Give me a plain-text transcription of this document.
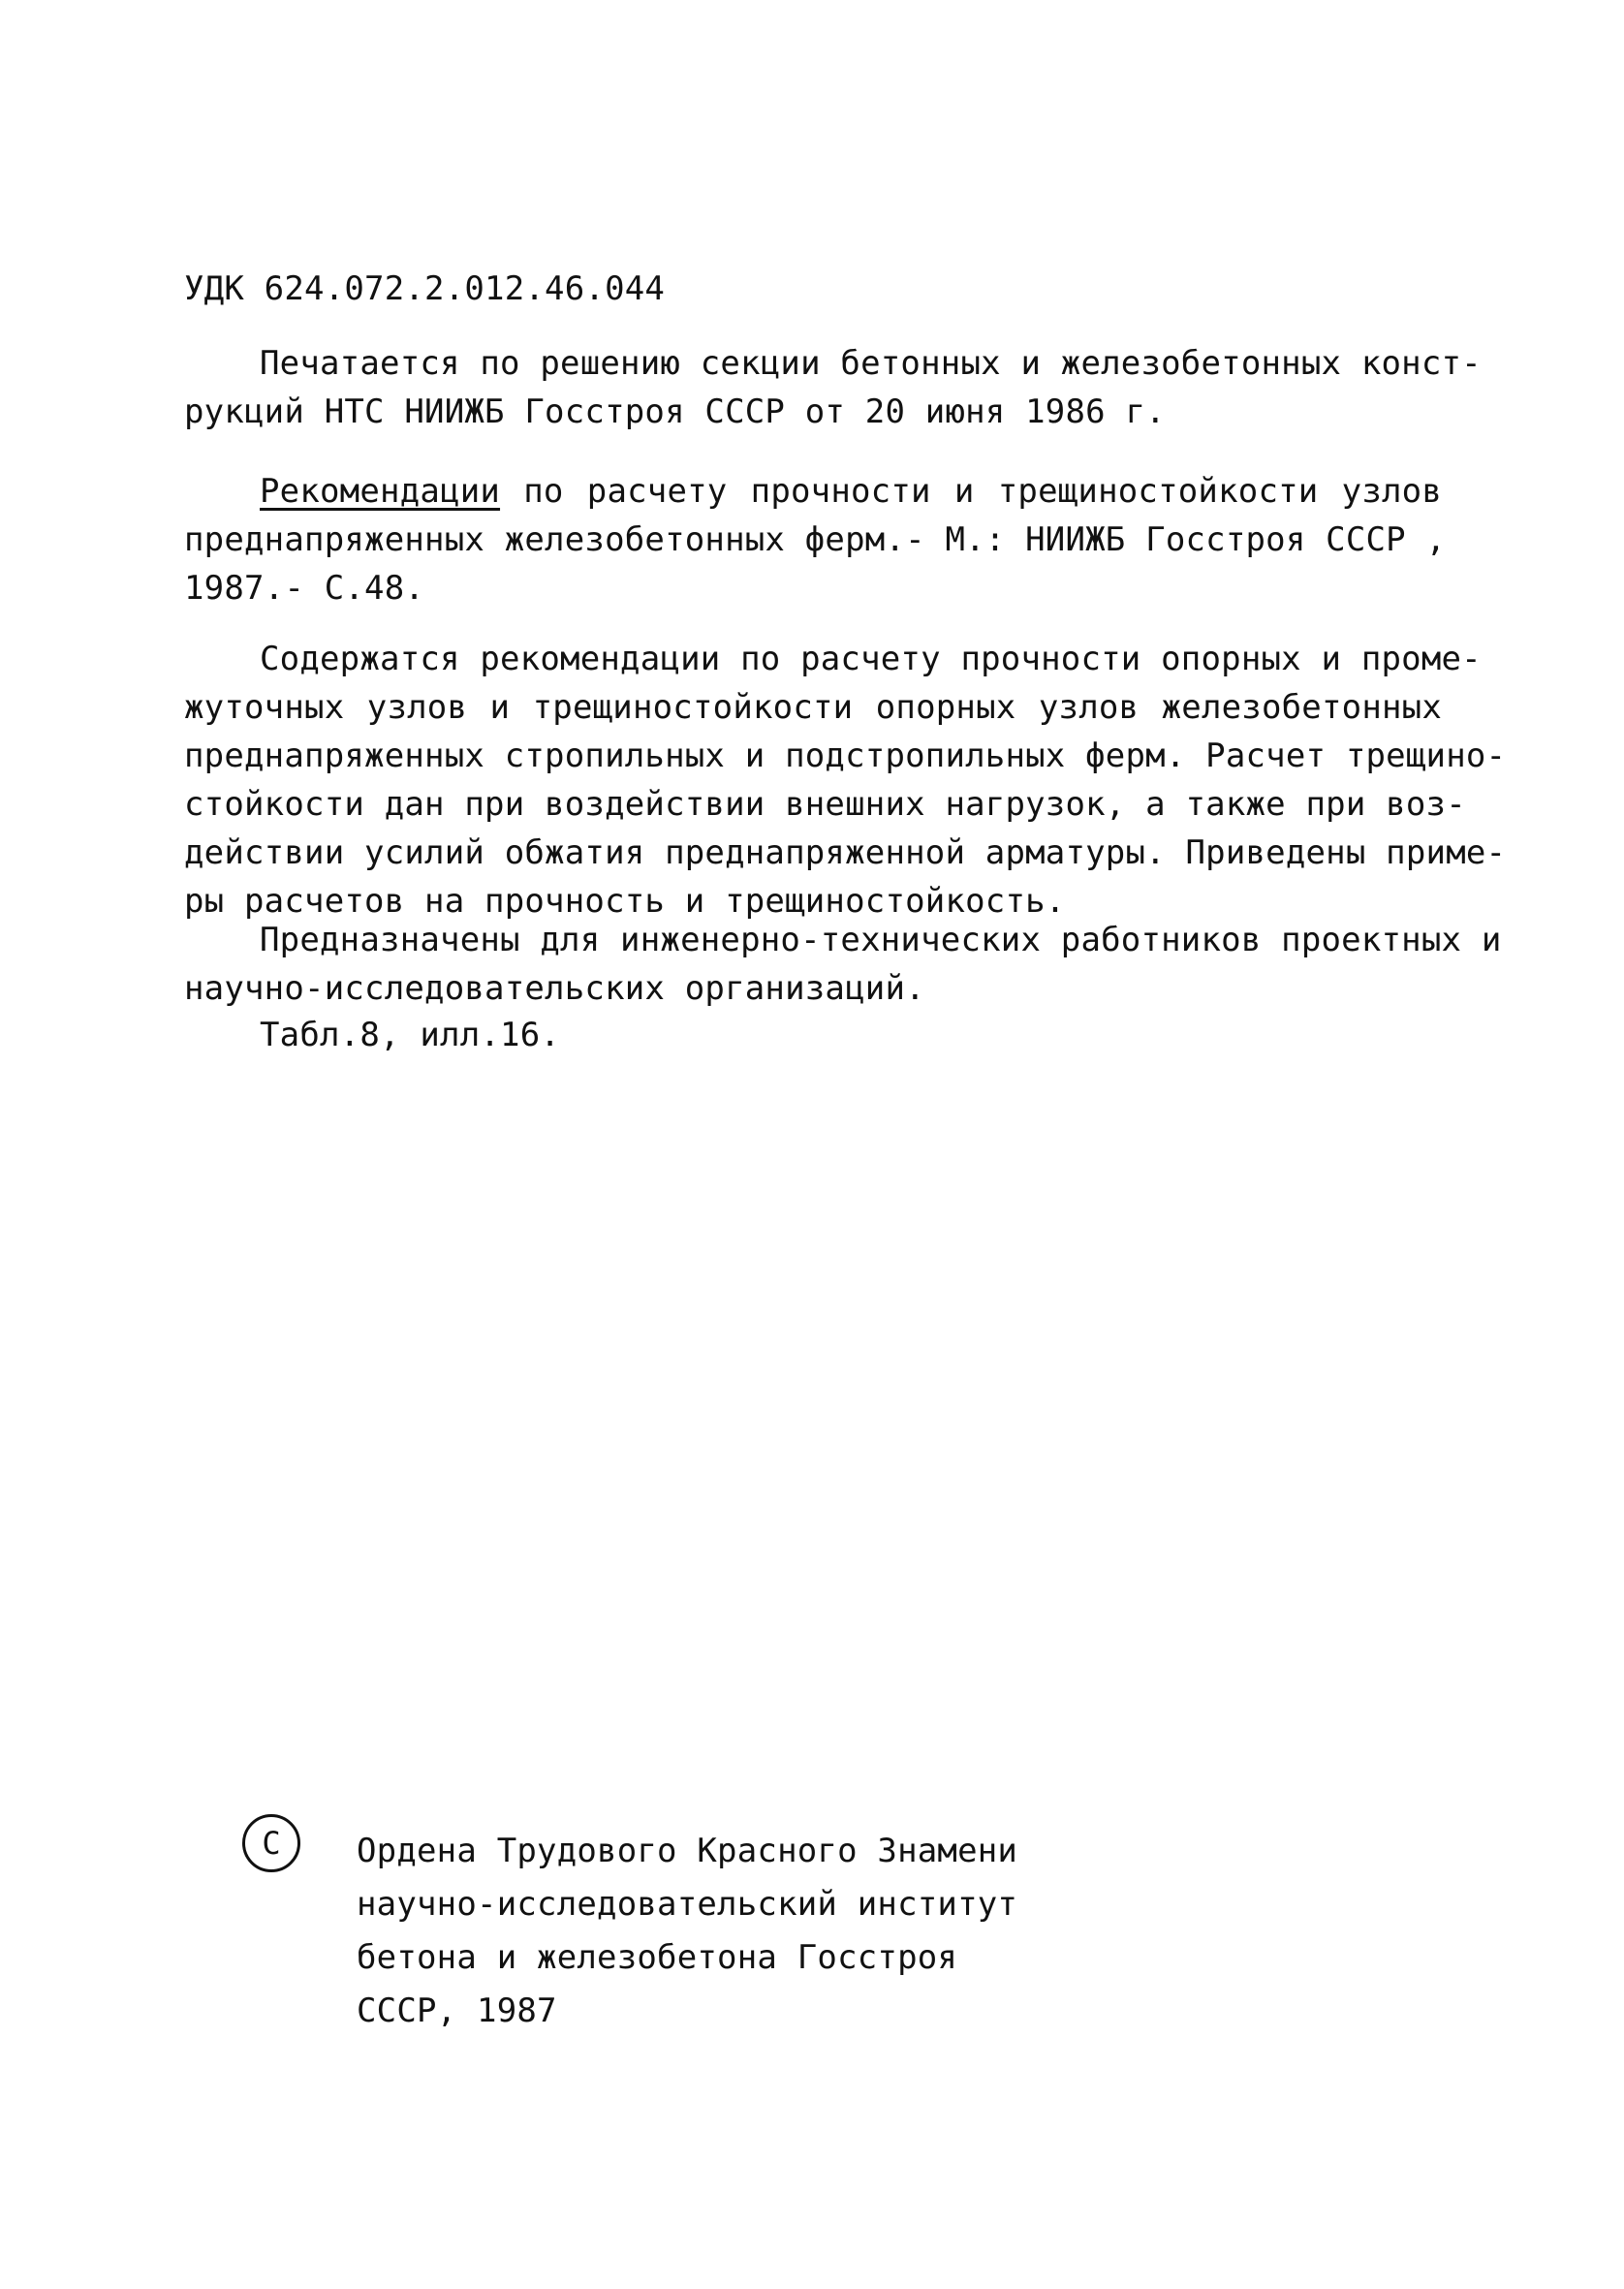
УДК 624.072.2.012.46.044
Печатается по решению секции бетонных и железобетонных конст-
рукций НТС НИИЖБ Госстроя СССР от 20 июня 1986 г.
Рекомендации по расчету прочности и трещиностойкости узлов
преднапряженных железобетонных ферм.- М.: НИИЖБ Госстроя СССР ,
1987.- С.48.
Содержатся рекомендации по расчету прочности опорных и проме-
жуточных узлов и трещиностойкости опорных узлов железобетонных
преднапряженных стропильных и подстропильных ферм. Расчет трещино-
стойкости дан при воздействии внешних нагрузок, а также при воз-
действии усилий обжатия преднапряженной арматуры. Приведены приме-
ры расчетов на прочность и трещиностойкость.
Предназначены для инженерно-технических работников проектных и
научно-исследовательских организаций.
Табл.8, илл.16.
С	Ордена Трудового Красного Знамени
научно-исследовательский институт
бетона и железобетона Госстроя
СССР, 1987
